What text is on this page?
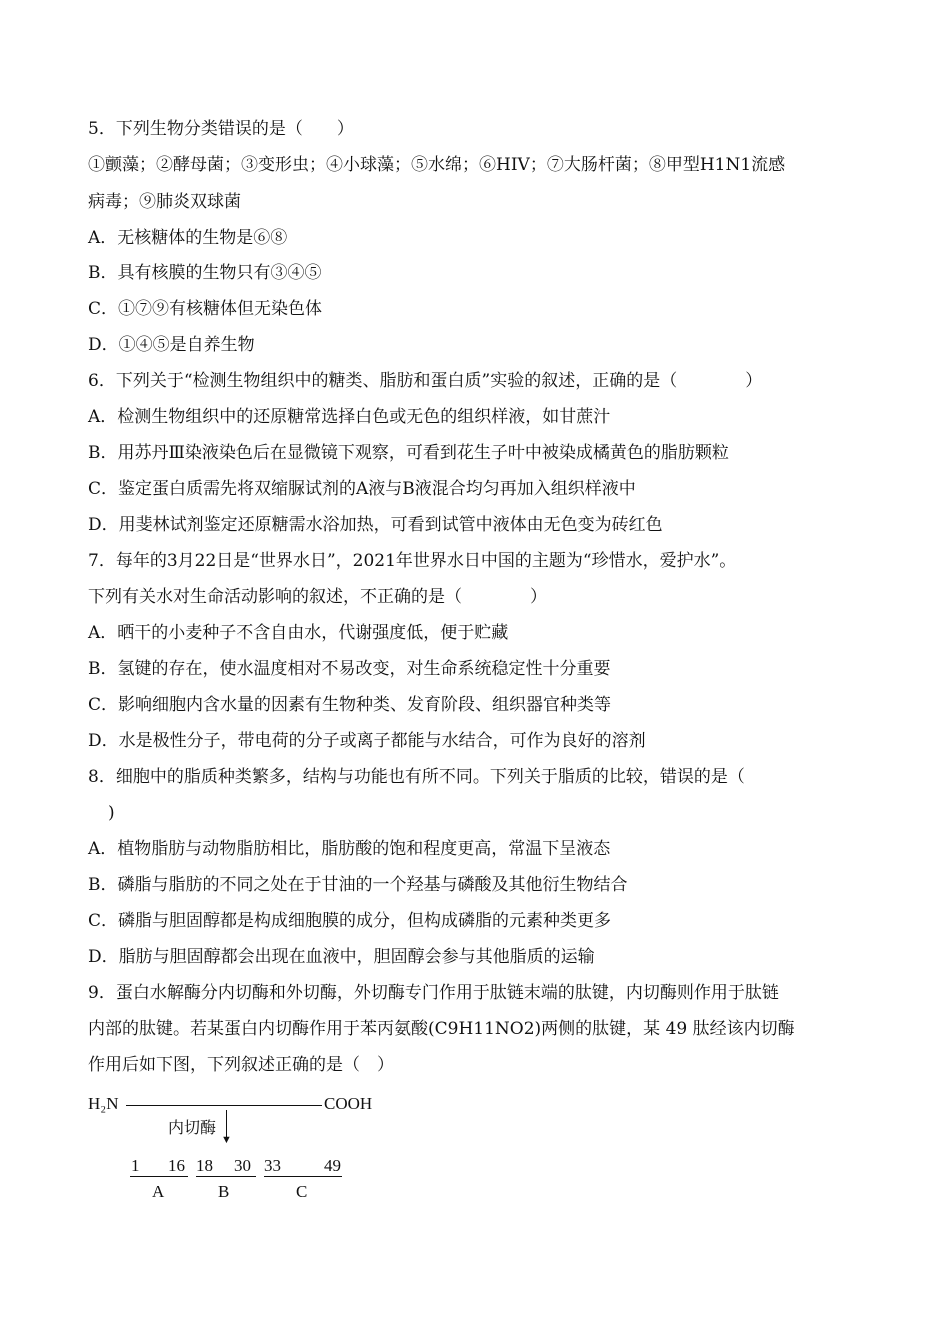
5．下列生物分类错误的是（　　）
①颤藻；②酵母菌；③变形虫；④小球藻；⑤水绵；⑥HIV；⑦大肠杆菌；⑧甲型H1N1流感
病毒；⑨肺炎双球菌
A．无核糖体的生物是⑥⑧
B．具有核膜的生物只有③④⑤
C．①⑦⑨有核糖体但无染色体
D．①④⑤是自养生物
6．下列关于“检测生物组织中的糖类、脂肪和蛋白质”实验的叙述，正确的是（　　　　）
A．检测生物组织中的还原糖常选择白色或无色的组织样液，如甘蔗汁
B．用苏丹Ⅲ染液染色后在显微镜下观察，可看到花生子叶中被染成橘黄色的脂肪颗粒
C．鉴定蛋白质需先将双缩脲试剂的A液与B液混合均匀再加入组织样液中
D．用斐林试剂鉴定还原糖需水浴加热，可看到试管中液体由无色变为砖红色
7．每年的3月22日是“世界水日”，2021年世界水日中国的主题为“珍惜水，爱护水”。
下列有关水对生命活动影响的叙述，不正确的是（　　　　）
A．晒干的小麦种子不含自由水，代谢强度低，便于贮藏
B．氢键的存在，使水温度相对不易改变，对生命系统稳定性十分重要
C．影响细胞内含水量的因素有生物种类、发育阶段、组织器官种类等
D．水是极性分子，带电荷的分子或离子都能与水结合，可作为良好的溶剂
8．细胞中的脂质种类繁多，结构与功能也有所不同。下列关于脂质的比较，错误的是（
)
A．植物脂肪与动物脂肪相比，脂肪酸的饱和程度更高，常温下呈液态
B．磷脂与脂肪的不同之处在于甘油的一个羟基与磷酸及其他衍生物结合
C．磷脂与胆固醇都是构成细胞膜的成分，但构成磷脂的元素种类更多
D．脂肪与胆固醇都会出现在血液中，胆固醇会参与其他脂质的运输
9．蛋白水解酶分内切酶和外切酶，外切酶专门作用于肽链末端的肽键，内切酶则作用于肽链
内部的肽键。若某蛋白内切酶作用于苯丙氨酸(C9H11NO2)两侧的肽键，某 49 肽经该内切酶
作用后如下图，下列叙述正确的是（　）
H₂N	COOH
▼
内切酶
1 16
A
18 30
B
33	49
C
